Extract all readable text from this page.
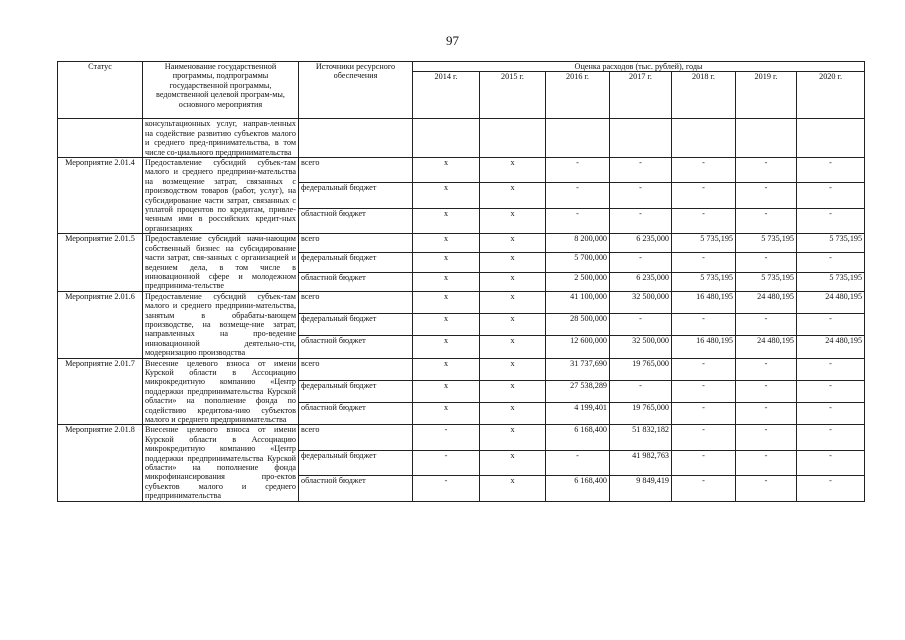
97
Статус	Наименование государственной программы, подпрограммы государственной программы, ведомственной целевой програм-мы, основного мероприятия	Источники ресурсного обеспечения	Оценка расходов (тыс. рублей), годы						
			2014 г.	2015 г.	2016 г.	2017 г.	2018 г.	2019 г.	2020 г.
	консультационных услуг, направ-ленных на содействие развитию субъектов малого и среднего пред-принимательства, в том числе со-циального предпринимательства								
Мероприятие 2.01.4	Предоставление субсидий субъек-там малого и среднего предприни-мательства на возмещение затрат, связанных с производством товаров (работ, услуг), на субсидирование части затрат, связанных с уплатой процентов по кредитам, привле-ченным ими в российских кредит-ных организациях	всего	х	х	-	-	-	-	-
		федеральный бюджет	х	х	-	-	-	-	-
		областной бюджет	х	х	-	-	-	-	-
Мероприятие 2.01.5	Предоставление субсидий начи-нающим собственный бизнес на субсидирование части затрат, свя-занных с организацией и ведением дела, в том числе в инновационной сфере и молодежном предпринима-тельстве	всего	х	х	8 200,000	6 235,000	5 735,195	5 735,195	5 735,195
		федеральный бюджет	х	х	5 700,000	-	-	-	-
		областной бюджет	х	х	2 500,000	6 235,000	5 735,195	5 735,195	5 735,195
Мероприятие 2.01.6	Предоставление субсидий субъек-там малого и среднего предприни-мательства, занятым в обрабаты-вающем производстве, на возмеще-ние затрат, направленных на про-ведение инновационной деятельно-сти, модернизацию производства	всего	х	х	41 100,000	32 500,000	16 480,195	24 480,195	24 480,195
		федеральный бюджет	х	х	28 500,000	-	-	-	-
		областной бюджет	х	х	12 600,000	32 500,000	16 480,195	24 480,195	24 480,195
Мероприятие 2.01.7	Внесение целевого взноса от имени Курской области в Ассоциацию микрокредитную компанию «Центр поддержки предпринимательства Курской области» на пополнение фонда по содействию кредитова-нию субъектов малого и среднего предпринимательства	всего	х	х	31 737,690	19 765,000	-	-	-
		федеральный бюджет	х	х	27 538,289	-	-	-	-
		областной бюджет	х	х	4 199,401	19 765,000	-	-	-
Мероприятие 2.01.8	Внесение целевого взноса от имени Курской области в Ассоциацию микрокредитную компанию «Центр поддержки предпринимательства Курской области» на пополнение фонда микрофинансирования про-ектов субъектов малого и среднего предпринимательства	всего	-	х	6 168,400	51 832,182	-	-	-
		федеральный бюджет	-	х	-	41 982,763	-	-	-
		областной бюджет	-	х	6 168,400	9 849,419	-	-	-
